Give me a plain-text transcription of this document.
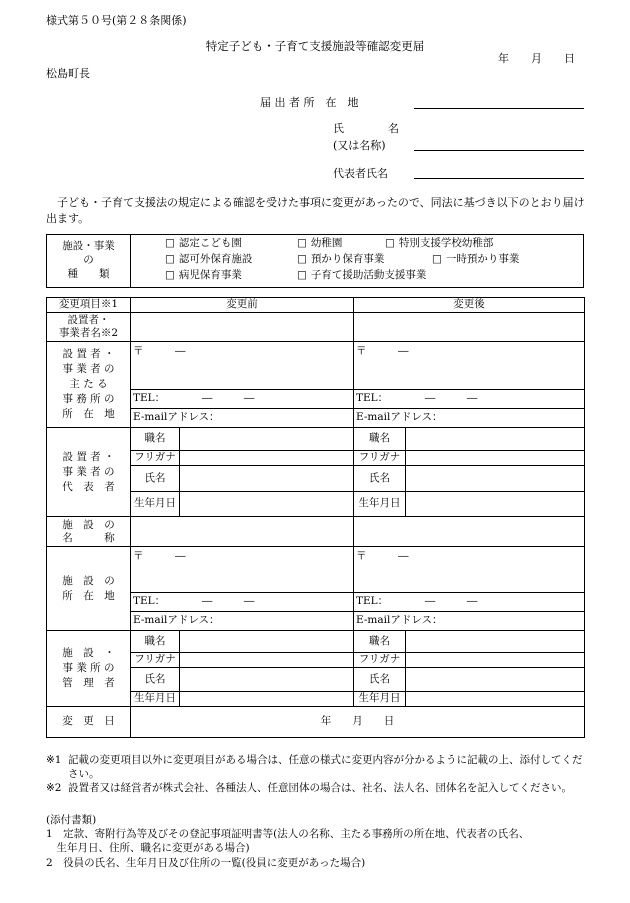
様式第５０号(第２８条関係)
特定子ども・子育て支援施設等確認変更届
年　　月　　日
松島町長
届 出 者 所　在　地
氏　　　　名
(又は名称)
代表者氏名
子ども・子育て支援法の規定による確認を受けた事項に変更があったので、同法に基づき以下のとおり届け出ます。
施設・事業
の
種　　類
□ 認定こども園	□ 幼稚園	□ 特別支援学校幼稚部
□ 認可外保育施設	□ 預かり保育事業	□ 一時預かり事業
□ 病児保育事業	□ 子育て援助活動支援事業
変更項目※1	変更前		変更後	
設置者・
事業者名※2				
設 置 者 ・
事 業 者 の
主 た る
事 務 所 の
所　在　地	〒　　　―		〒　　　―	
	TEL：　　　　―　　　―		TEL：　　　　―　　　―	
	E-mailアドレス：		E-mailアドレス：	
設 置 者 ・
事 業 者 の
代　表　者	職名		職名	
	フリガナ		フリガナ	
	氏名		氏名	
	生年月日		生年月日	
施　設　の
名　　　称				
施　設　の
所　在　地	〒　　　―		〒　　　―	
	TEL：　　　　―　　　―		TEL：　　　　―　　　―	
	E-mailアドレス：		E-mailアドレス：	
施　設　・
事 業 所 の
管　理　者	職名		職名	
	フリガナ		フリガナ	
	氏名		氏名	
	生年月日		生年月日	
変　更　日	年　　月　　日			
※1 記載の変更項目以外に変更項目がある場合は、任意の様式に変更内容が分かるように記載の上、添付してください。
※2 設置者又は経営者が株式会社、各種法人、任意団体の場合は、社名、法人名、団体名を記入してください。
(添付書類)
1　定款、寄附行為等及びその登記事項証明書等(法人の名称、主たる事務所の所在地、代表者の氏名、
　生年月日、住所、職名に変更がある場合)
2　役員の氏名、生年月日及び住所の一覧(役員に変更があった場合)
